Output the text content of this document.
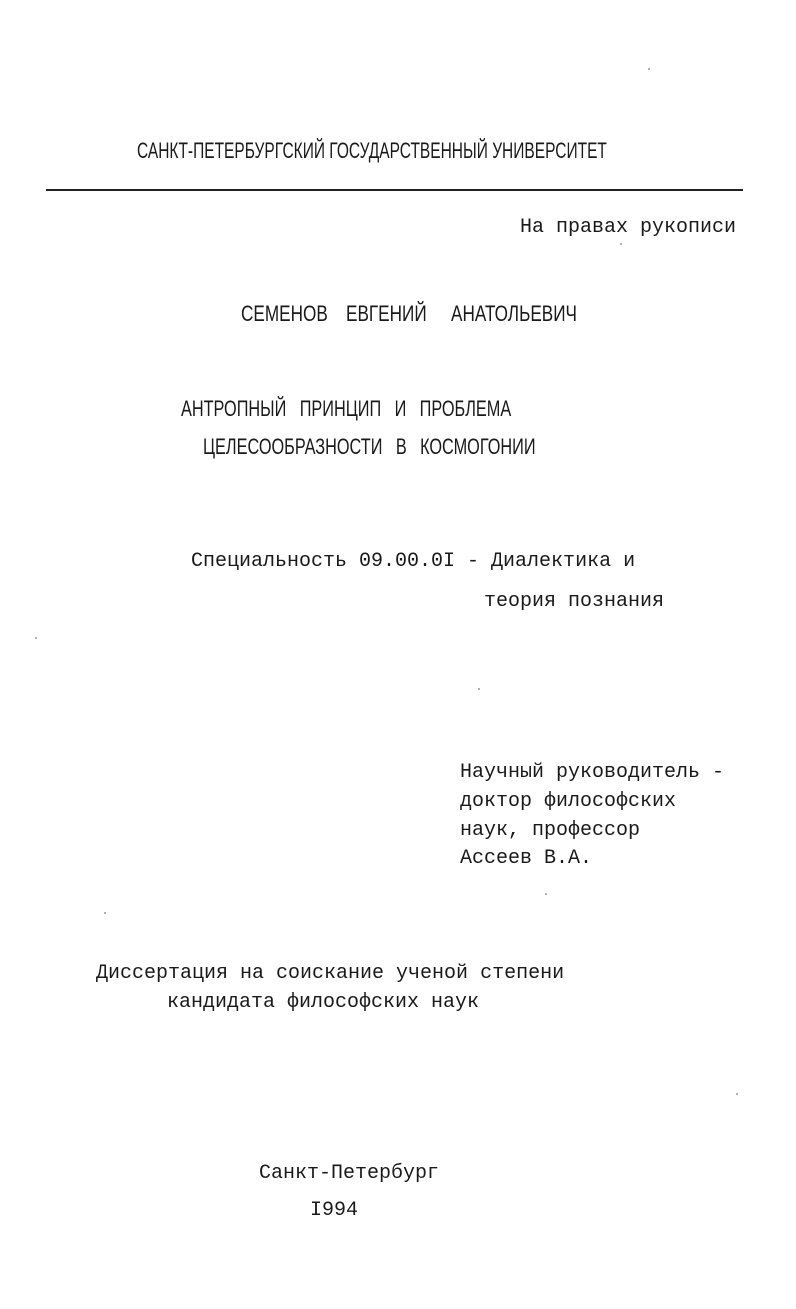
САНКТ-ПЕТЕРБУРГСКИЙ ГОСУДАРСТВЕННЫЙ УНИВЕРСИТЕТ
На правах рукописи
СЕМЕНОВ ЕВГЕНИЙ АНАТОЛЬЕВИЧ
АНТРОПНЫЙ ПРИНЦИП И ПРОБЛЕМА
ЦЕЛЕСООБРАЗНОСТИ В КОСМОГОНИИ
Специальность 09.00.0I - Диалектика и
теория познания
Научный руководитель -
доктор философских
наук, профессор
Ассеев В.А.
Диссертация на соискание ученой степени
кандидата философских наук
Санкт-Петербург
I994
